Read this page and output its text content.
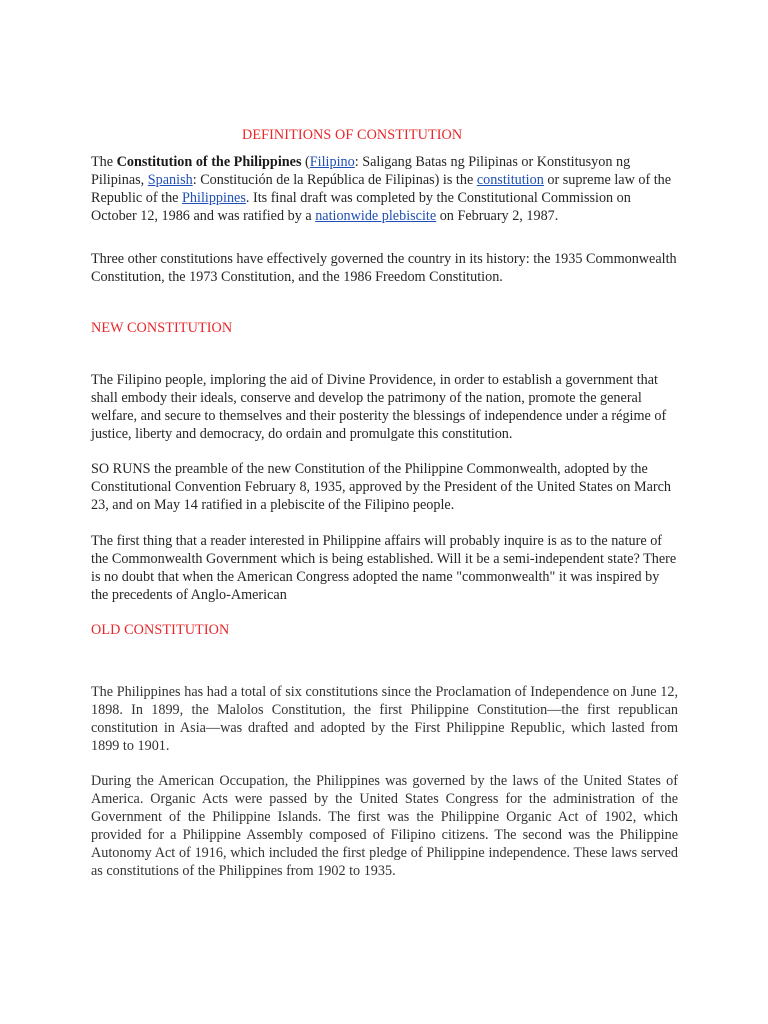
DEFINITIONS OF CONSTITUTION
The Constitution of the Philippines (Filipino: Saligang Batas ng Pilipinas or Konstitusyon ng Pilipinas, Spanish: Constitución de la República de Filipinas) is the constitution or supreme law of the Republic of the Philippines. Its final draft was completed by the Constitutional Commission on October 12, 1986 and was ratified by a nationwide plebiscite on February 2, 1987.
Three other constitutions have effectively governed the country in its history: the 1935 Commonwealth Constitution, the 1973 Constitution, and the 1986 Freedom Constitution.
NEW CONSTITUTION
The Filipino people, imploring the aid of Divine Providence, in order to establish a government that shall embody their ideals, conserve and develop the patrimony of the nation, promote the general welfare, and secure to themselves and their posterity the blessings of independence under a régime of justice, liberty and democracy, do ordain and promulgate this constitution.
SO RUNS the preamble of the new Constitution of the Philippine Commonwealth, adopted by the Constitutional Convention February 8, 1935, approved by the President of the United States on March 23, and on May 14 ratified in a plebiscite of the Filipino people.
The first thing that a reader interested in Philippine affairs will probably inquire is as to the nature of the Commonwealth Government which is being established. Will it be a semi-independent state? There is no doubt that when the American Congress adopted the name "commonwealth" it was inspired by the precedents of Anglo-American
OLD CONSTITUTION
The Philippines has had a total of six constitutions since the Proclamation of Independence on June 12, 1898. In 1899, the Malolos Constitution, the first Philippine Constitution—the first republican constitution in Asia—was drafted and adopted by the First Philippine Republic, which lasted from 1899 to 1901.
During the American Occupation, the Philippines was governed by the laws of the United States of America. Organic Acts were passed by the United States Congress for the administration of the Government of the Philippine Islands. The first was the Philippine Organic Act of 1902, which provided for a Philippine Assembly composed of Filipino citizens. The second was the Philippine Autonomy Act of 1916, which included the first pledge of Philippine independence. These laws served as constitutions of the Philippines from 1902 to 1935.
